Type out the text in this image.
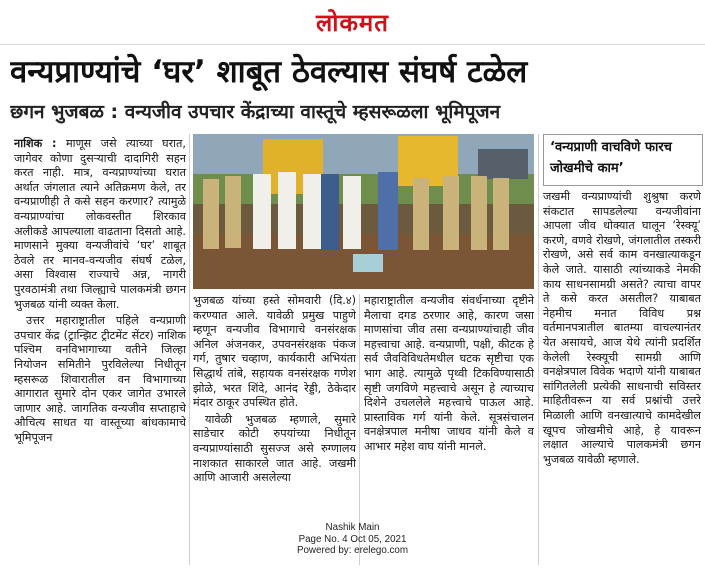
लोकमत
वन्यप्राण्यांचे ‘घर’ शाबूत ठेवल्यास संघर्ष टळेल
छगन भुजबळ : वन्यजीव उपचार केंद्राच्या वास्तूचे म्हसरूळला भूमिपूजन

नाशिक : माणूस जसे त्याच्या घरात, जागेवर कोणा दुसऱ्याची दादागिरी सहन करत नाही. मात्र, वन्यप्राण्यांच्या घरात अर्थात जंगलात त्याने अतिक्रमण केले, तर वन्यप्राणीही ते कसे सहन करणार? त्यामुळे वन्यप्राण्यांचा लोकवस्तीत शिरकाव अलीकडे आपल्याला वाढताना दिसतो आहे. माणसाने मुक्या वन्यजीवांचे ‘घर’ शाबूत ठेवले तर मानव-वन्यजीव संघर्ष टळेल, असा विश्वास राज्याचे अन्न, नागरी पुरवठामंत्री तथा जिल्ह्याचे पालकमंत्री छगन भुजबळ यांनी व्यक्त केला.

उत्तर महाराष्ट्रातील पहिले वन्यप्राणी उपचार केंद्र (ट्रान्झिट ट्रीटमेंट सेंटर) नाशिक पश्चिम वनविभागाच्या वतीने जिल्हा नियोजन समितीने पुरविलेल्या निधीतून म्हसरूळ शिवारातील वन विभागाच्या आगारात सुमारे दोन एकर जागेत उभारले जाणार आहे. जागतिक वन्यजीव सप्ताहाचे औचित्य साधत या वास्तूच्या बांधकामाचे भूमिपूजन

भुजबळ यांच्या हस्ते सोमवारी (दि.४) करण्यात आले. यावेळी प्रमुख पाहुणे म्हणून वन्यजीव विभागाचे वनसंरक्षक अनिल अंजनकर, उपवनसंरक्षक पंकज गर्ग, तुषार चव्हाण, कार्यकारी अभियंता सिद्धार्थ तांबे, सहायक वनसंरक्षक गणेश झोळे, भरत शिंदे, आनंद रेड्डी, ठेकेदार मंदार ठाकूर उपस्थित होते.

यावेळी भुजबळ म्हणाले, सुमारे साडेचार कोटी रुपयांच्या निधीतून वन्यप्राण्यांसाठी सुसज्ज असे रुग्णालय नाशकात साकारले जात आहे. जखमी आणि आजारी असलेल्या

महाराष्ट्रातील वन्यजीव संवर्धनाच्या दृष्टीने मैलाचा दगड ठरणार आहे, कारण जसा माणसांचा जीव तसा वन्यप्राण्यांचाही जीव महत्त्वाचा आहे. वन्यप्राणी, पक्षी, कीटक हे सर्व जैवविविधतेमधील घटक सृष्टीचा एक भाग आहे. त्यामुळे पृथ्वी टिकविण्यासाठी सृष्टी जगविणे महत्त्वाचे असून हे त्याच्याच दिशेने उचललेले महत्त्वाचे पाऊल आहे. प्रास्ताविक गर्ग यांनी केले. सूत्रसंचालन वनक्षेत्रपाल मनीषा जाधव यांनी केले व आभार महेश वाघ यांनी मानले.

‘वन्यप्राणी वाचविणे फारच जोखमीचे काम’

जखमी वन्यप्राण्यांची शुश्रुषा करणे संकटात सापडलेल्या वन्यजीवांना आपला जीव धोक्यात घालून ‘रेस्क्यू’ करणे, वणवे रोखणे, जंगलातील तस्करी रोखणे, असे सर्व काम वनखात्याकडून केले जाते. यासाठी त्यांच्याकडे नेमकी काय साधनसामग्री असते? त्याचा वापर ते कसे करत असतील? याबाबत नेहमीच मनात विविध प्रश्न वर्तमानपत्रातील बातम्या वाचल्यानंतर येत असायचे, आज येथे त्यांनी प्रदर्शित केलेली रेस्क्यूची सामग्री आणि वनक्षेत्रपाल विवेक भदाणे यांनी याबाबत सांगितलेली प्रत्येकी साधनाची सविस्तर माहितीवरून या सर्व प्रश्नांची उत्तरे मिळाली आणि वनखात्याचे कामदेखील खूपच जोखमीचे आहे, हे यावरून लक्षात आल्याचे पालकमंत्री छगन भुजबळ यावेळी म्हणाले.

Nashik Main
Page No. 4 Oct 05, 2021
Powered by: erelego.com
